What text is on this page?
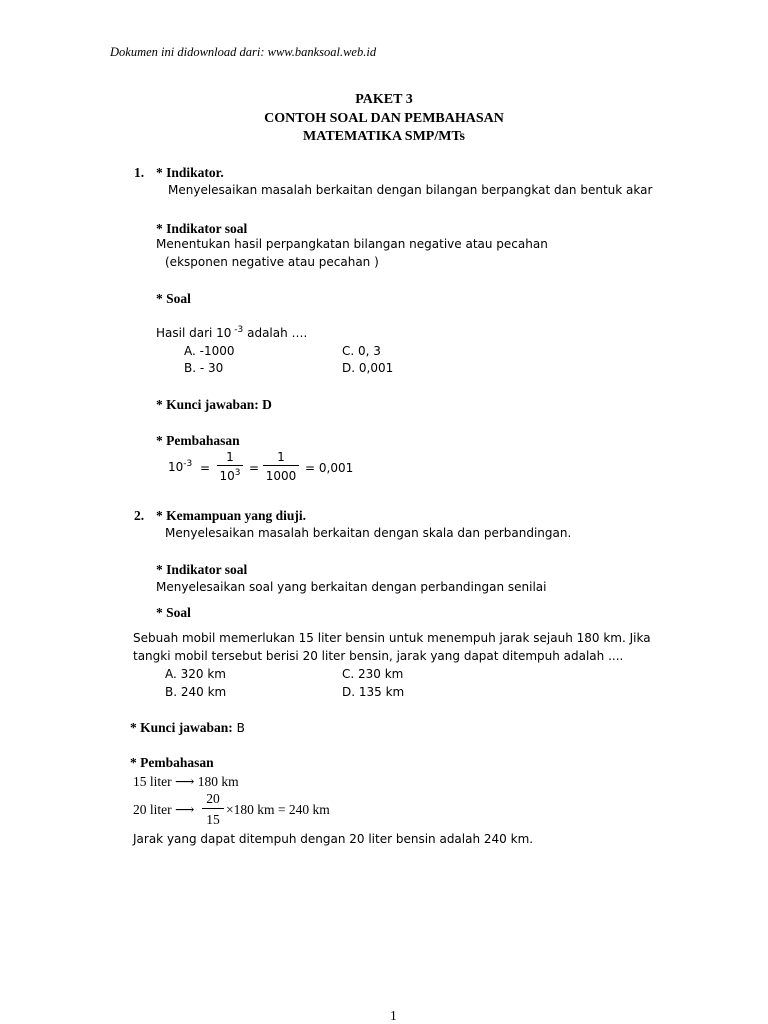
Dokumen ini didownload dari: www.banksoal.web.id
PAKET 3
CONTOH SOAL DAN PEMBAHASAN
MATEMATIKA SMP/MTs
1. * Indikator.
Menyelesaikan masalah berkaitan dengan bilangan berpangkat dan bentuk akar
* Indikator soal
Menentukan hasil perpangkatan bilangan negative atau pecahan
(eksponen negative atau pecahan )
* Soal
Hasil dari 10 $^{-3}$ adalah ….
A. -1000	C. 0, 3
B. - 30	D. 0,001
* Kunci jawaban: D
* Pembahasan
$10^{-3}$ =
1
$10^3$ =
1
1000
= 0,001
2. * Kemampuan yang diuji.
Menyelesaikan masalah berkaitan dengan skala dan perbandingan.
* Indikator soal
Menyelesaikan soal yang berkaitan dengan perbandingan senilai
* Soal
Sebuah mobil memerlukan 15 liter bensin untuk menempuh jarak sejauh 180 km. Jika
tangki mobil tersebut berisi 20 liter bensin, jarak yang dapat ditempuh adalah ....
A. 320 km	C. 230 km
B. 240 km	D. 135 km
* Kunci jawaban: B
* Pembahasan
15 liter ⟶ 180 km
20 liter ⟶
20
15
×180 km = 240 km
Jarak yang dapat ditempuh dengan 20 liter bensin adalah 240 km.
1
